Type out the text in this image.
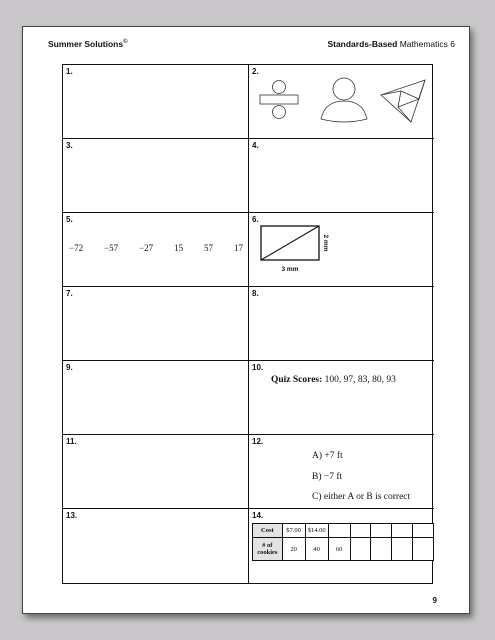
Summer Solutions©	Standards-Based Mathematics 6
1.	2.
3.	4.
5.
−72 −57 −27 15 57 17
6.
3 mm
2 mm
7.	8.
9.	10.
Quiz Scores: 100, 97, 83, 80, 93
11.	12.
A) +7 ft
B) −7 ft
C) either A or B is correct
13.	14.
Cost	$7.00	$14.00					
# of
cookies	20	40	60				
9
